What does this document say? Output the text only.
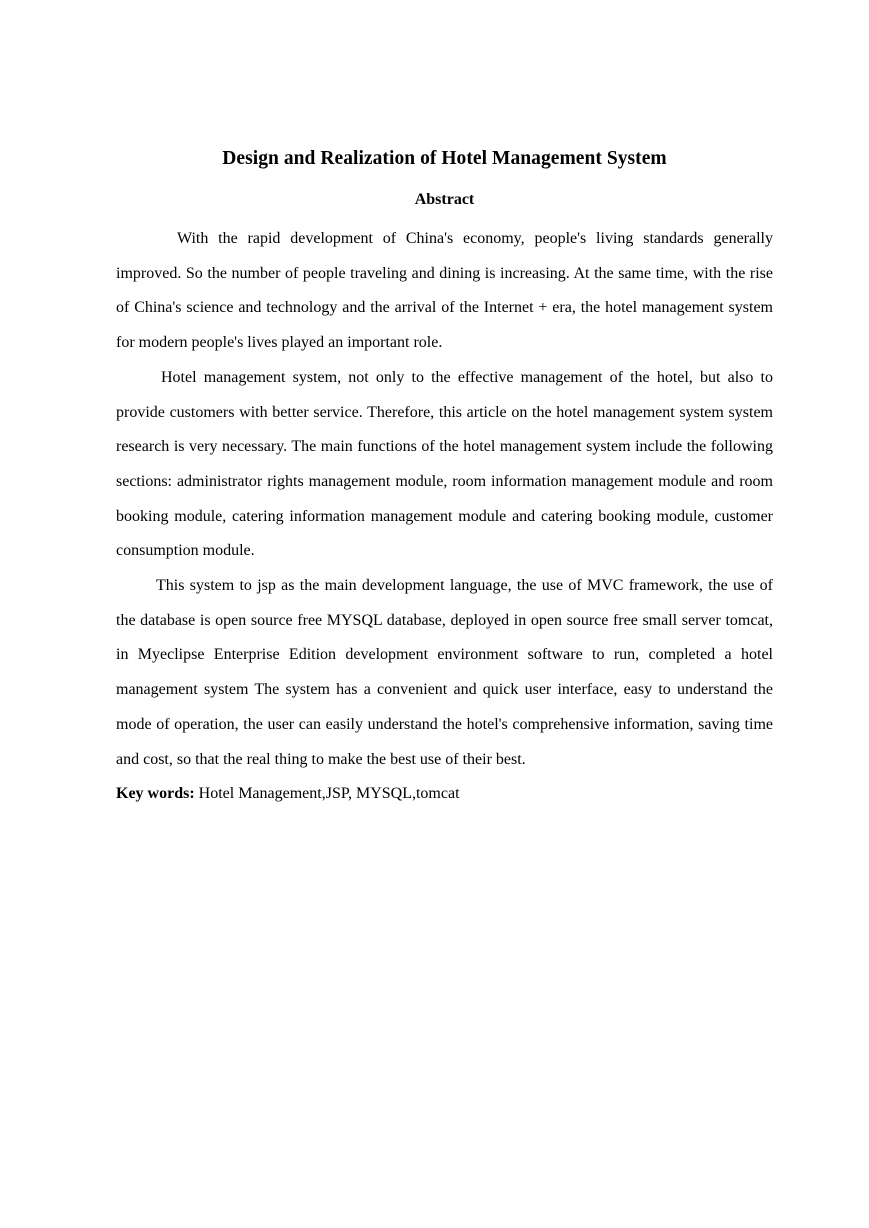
Design and Realization of Hotel Management System
Abstract

With the rapid development of China's economy, people's living standards generally improved. So the number of people traveling and dining is increasing. At the same time, with the rise of China's science and technology and the arrival of the Internet + era, the hotel management system for modern people's lives played an important role.

Hotel management system, not only to the effective management of the hotel, but also to provide customers with better service. Therefore, this article on the hotel management system system research is very necessary. The main functions of the hotel management system include the following sections: administrator rights management module, room information management module and room booking module, catering information management module and catering booking module, customer consumption module.

This system to jsp as the main development language, the use of MVC framework, the use of the database is open source free MYSQL database, deployed in open source free small server tomcat, in Myeclipse Enterprise Edition development environment software to run, completed a hotel management system The system has a convenient and quick user interface, easy to understand the mode of operation, the user can easily understand the hotel's comprehensive information, saving time and cost, so that the real thing to make the best use of their best.

Key words: Hotel Management,JSP, MYSQL,tomcat
